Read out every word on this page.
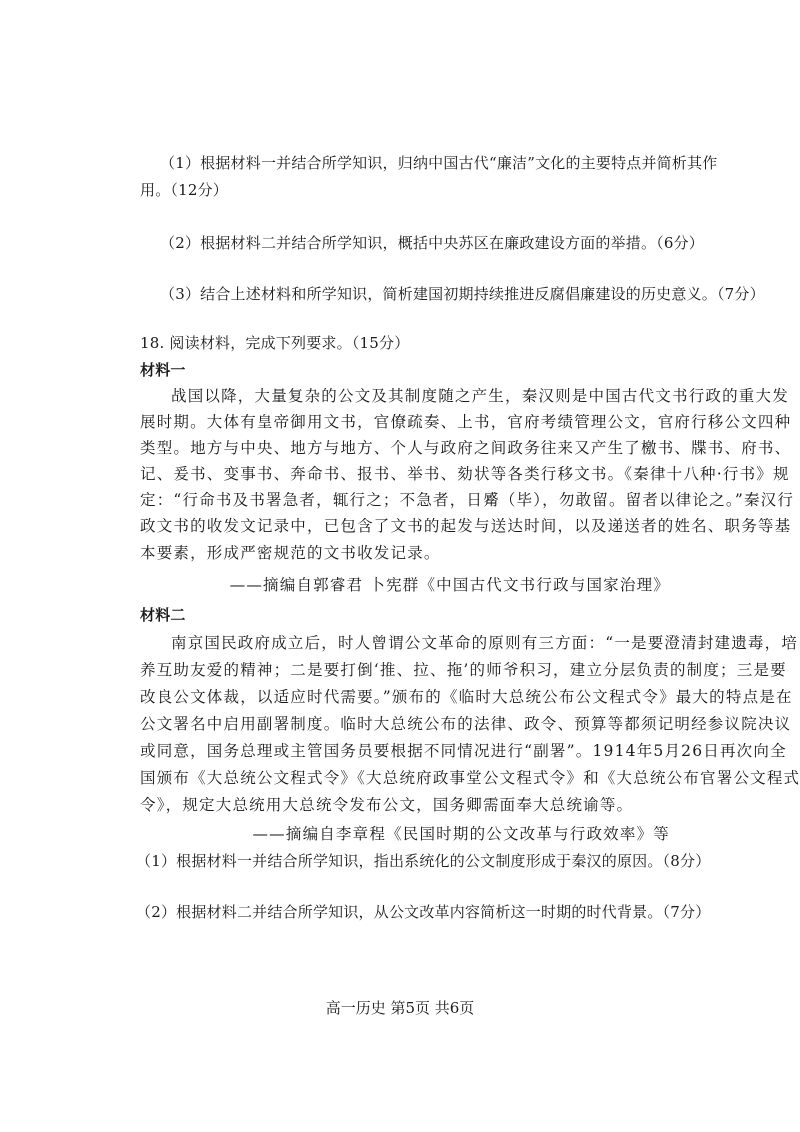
（1）根据材料一并结合所学知识，归纳中国古代“廉洁”文化的主要特点并简析其作
用。（12分）
（2）根据材料二并结合所学知识，概括中央苏区在廉政建设方面的举措。（6分）
（3）结合上述材料和所学知识，简析建国初期持续推进反腐倡廉建设的历史意义。（7分）
18. 阅读材料，完成下列要求。（15分）
材料一
战国以降，大量复杂的公文及其制度随之产生，秦汉则是中国古代文书行政的重大发
展时期。大体有皇帝御用文书，官僚疏奏、上书，官府考绩管理公文，官府行移公文四种
类型。地方与中央、地方与地方、个人与政府之间政务往来又产生了檄书、牒书、府书、
记、爰书、变事书、奔命书、报书、举书、劾状等各类行移文书。《秦律十八种·行书》规
定：“行命书及书署急者，辄行之；不急者，日觱（毕），勿敢留。留者以律论之。”秦汉行
政文书的收发文记录中，已包含了文书的起发与送达时间，以及递送者的姓名、职务等基
本要素，形成严密规范的文书收发记录。
——摘编自郭睿君 卜宪群《中国古代文书行政与国家治理》
材料二
南京国民政府成立后，时人曾谓公文革命的原则有三方面：“一是要澄清封建遗毒，培
养互助友爱的精神；二是要打倒‘推、拉、拖’的师爷积习，建立分层负责的制度；三是要
改良公文体裁，以适应时代需要。”颁布的《临时大总统公布公文程式令》最大的特点是在
公文署名中启用副署制度。临时大总统公布的法律、政令、预算等都须记明经参议院决议
或同意，国务总理或主管国务员要根据不同情况进行“副署”。1914年5月26日再次向全
国颁布《大总统公文程式令》《大总统府政事堂公文程式令》和《大总统公布官署公文程式
令》，规定大总统用大总统令发布公文，国务卿需面奉大总统谕等。
——摘编自李章程《民国时期的公文改革与行政效率》等
（1）根据材料一并结合所学知识，指出系统化的公文制度形成于秦汉的原因。（8分）
（2）根据材料二并结合所学知识，从公文改革内容简析这一时期的时代背景。（7分）
高一历史 第5页 共6页
